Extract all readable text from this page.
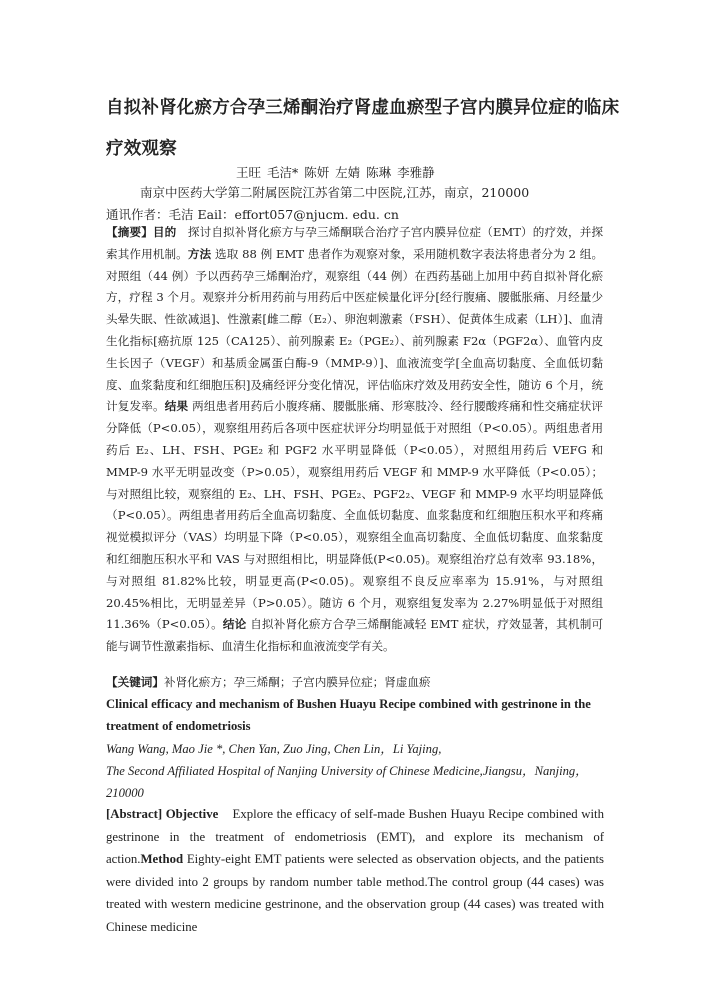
自拟补肾化瘀方合孕三烯酮治疗肾虚血瘀型子宫内膜异位症的临床
疗效观察
王旺 毛洁* 陈妍 左婧 陈琳 李雅静
南京中医药大学第二附属医院江苏省第二中医院,江苏，南京，210000
通讯作者：毛洁 Eail：effort057@njucm. edu. cn

【摘要】目的 探讨自拟补肾化瘀方与孕三烯酮联合治疗子宫内膜异位症（EMT）的疗效，并探索其作用机制。方法 选取 88 例 EMT 患者作为观察对象，采用随机数字表法将患者分为 2 组。对照组（44 例）予以西药孕三烯酮治疗，观察组（44 例）在西药基础上加用中药自拟补肾化瘀方，疗程 3 个月。观察并分析用药前与用药后中医症候量化评分[经行腹痛、腰骶胀痛、月经量少头晕失眠、性欲减退]、性激素[雌二醇（E₂）、卵泡刺激素（FSH）、促黄体生成素（LH）]、血清生化指标[癌抗原 125（CA125）、前列腺素 E₂（PGE₂）、前列腺素 F2α（PGF2α）、血管内皮生长因子（VEGF）和基质金属蛋白酶-9（MMP-9）]、血液流变学[全血高切黏度、全血低切黏度、血浆黏度和红细胞压积]及痛经评分变化情况，评估临床疗效及用药安全性，随访 6 个月，统计复发率。结果 两组患者用药后小腹疼痛、腰骶胀痛、形寒肢冷、经行腰酸疼痛和性交痛症状评分降低（P<0.05），观察组用药后各项中医症状评分均明显低于对照组（P<0.05）。两组患者用药后 E₂、LH、FSH、PGE₂ 和 PGF2 水平明显降低（P<0.05），对照组用药后 VEFG 和 MMP-9 水平无明显改变（P>0.05），观察组用药后 VEGF 和 MMP-9 水平降低（P<0.05）；与对照组比较，观察组的 E₂、LH、FSH、PGE₂、PGF2₂、VEGF 和 MMP-9 水平均明显降低（P<0.05）。两组患者用药后全血高切黏度、全血低切黏度、血浆黏度和红细胞压积水平和疼痛视觉模拟评分（VAS）均明显下降（P<0.05），观察组全血高切黏度、全血低切黏度、血浆黏度和红细胞压积水平和 VAS 与对照组相比，明显降低(P<0.05)。观察组治疗总有效率 93.18%，与对照组 81.82%比较，明显更高(P<0.05)。观察组不良反应率率为 15.91%，与对照组 20.45%相比，无明显差异（P>0.05）。随访 6 个月，观察组复发率为 2.27%明显低于对照组 11.36%（P<0.05）。结论 自拟补肾化瘀方合孕三烯酮能减轻 EMT 症状，疗效显著，其机制可能与调节性激素指标、血清生化指标和血液流变学有关。

【关键词】补肾化瘀方；孕三烯酮；子宫内膜异位症；肾虚血瘀

Clinical efficacy and mechanism of Bushen Huayu Recipe combined with gestrinone in the treatment of endometriosis

Wang Wang, Mao Jie *, Chen Yan, Zuo Jing, Chen Lin，Li Yajing,

The Second Affiliated Hospital of Nanjing University of Chinese Medicine,Jiangsu，Nanjing，210000

[Abstract] Objective Explore the efficacy of self-made Bushen Huayu Recipe combined with gestrinone in the treatment of endometriosis (EMT), and explore its mechanism of action.Method Eighty-eight EMT patients were selected as observation objects, and the patients were divided into 2 groups by random number table method.The control group (44 cases) was treated with western medicine gestrinone, and the observation group (44 cases) was treated with Chinese medicine
